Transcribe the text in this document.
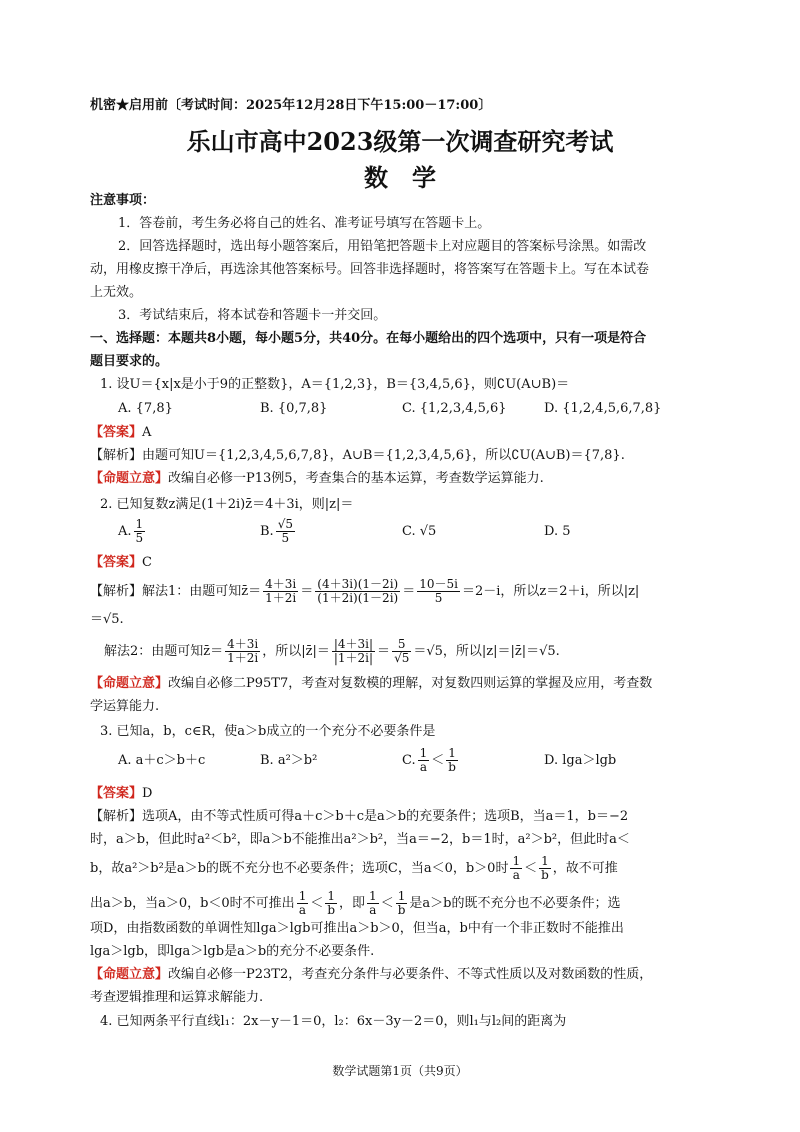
机密★启用前〔考试时间：2025年12月28日下午15:00－17:00〕
乐山市高中2023级第一次调查研究考试
数　学
注意事项：
1．答卷前，考生务必将自己的姓名、准考证号填写在答题卡上。
2．回答选择题时，选出每小题答案后，用铅笔把答题卡上对应题目的答案标号涂黑。如需改
动，用橡皮擦干净后，再选涂其他答案标号。回答非选择题时，将答案写在答题卡上。写在本试卷
上无效。
3．考试结束后，将本试卷和答题卡一并交回。
一、选择题：本题共8小题，每小题5分，共40分。在每小题给出的四个选项中，只有一项是符合
题目要求的。
1. 设U＝{x|x是小于9的正整数}，A＝{1,2,3}，B＝{3,4,5,6}，则∁U(A∪B)＝
A. {7,8}	B. {0,7,8}	C. {1,2,3,4,5,6}	D. {1,2,4,5,6,7,8}
【答案】A
【解析】由题可知U＝{1,2,3,4,5,6,7,8}，A∪B＝{1,2,3,4,5,6}，所以∁U(A∪B)＝{7,8}.
【命题立意】改编自必修一P13例5，考查集合的基本运算，考查数学运算能力.
2. 已知复数z满足(1＋2i)z̄＝4＋3i，则|z|＝
A. $\frac{1}{5}$	B. $\frac{√5}{5}$	C. √5	D. 5
【答案】C
【解析】解法1：由题可知z̄＝ $\frac{4+3i}{1+2i} = \frac{(4+3i)(1-2i)}{(1+2i)(1-2i)} = \frac{10-5i}{5} =2-i$，所以z＝2＋i，所以|z|
＝√5.
解法2：由题可知z̄＝ $\frac{4+3i}{1+2i}$ ，所以|z̄|＝ $\frac{|4+3i|}{|1+2i|} = \frac{5}{√5} =√5$，所以|z|＝|z̄|＝√5.
【命题立意】改编自必修二P95T7，考查对复数模的理解，对复数四则运算的掌握及应用，考查数
学运算能力.
3. 已知a，b，c∈R，使a＞b成立的一个充分不必要条件是
A. a＋c＞b＋c	B. a²＞b²	C. $\frac{1}{a} < \frac{1}{b}$	D. lga＞lgb
【答案】D
【解析】选项A，由不等式性质可得a＋c＞b＋c是a＞b的充要条件；选项B，当a＝1，b＝−2
时，a＞b，但此时a²＜b²，即a＞b不能推出a²＞b²，当a＝−2，b＝1时，a²＞b²，但此时a＜
b，故a²＞b²是a＞b的既不充分也不必要条件；选项C，当a＜0，b＞0时 $\frac{1}{a} < \frac{1}{b}$ ，故不可推
出a＞b，当a＞0，b＜0时不可推出 $\frac{1}{a} < \frac{1}{b}$ ，即 $\frac{1}{a} < \frac{1}{b}$ 是a＞b的既不充分也不必要条件；选
项D，由指数函数的单调性知lga＞lgb可推出a＞b＞0，但当a，b中有一个非正数时不能推出
lga＞lgb，即lga＞lgb是a＞b的充分不必要条件.
【命题立意】改编自必修一P23T2，考查充分条件与必要条件、不等式性质以及对数函数的性质，
考查逻辑推理和运算求解能力.
4. 已知两条平行直线l₁：2x－y－1＝0，l₂：6x－3y－2＝0，则l₁与l₂间的距离为
数学试题第1页（共9页）
